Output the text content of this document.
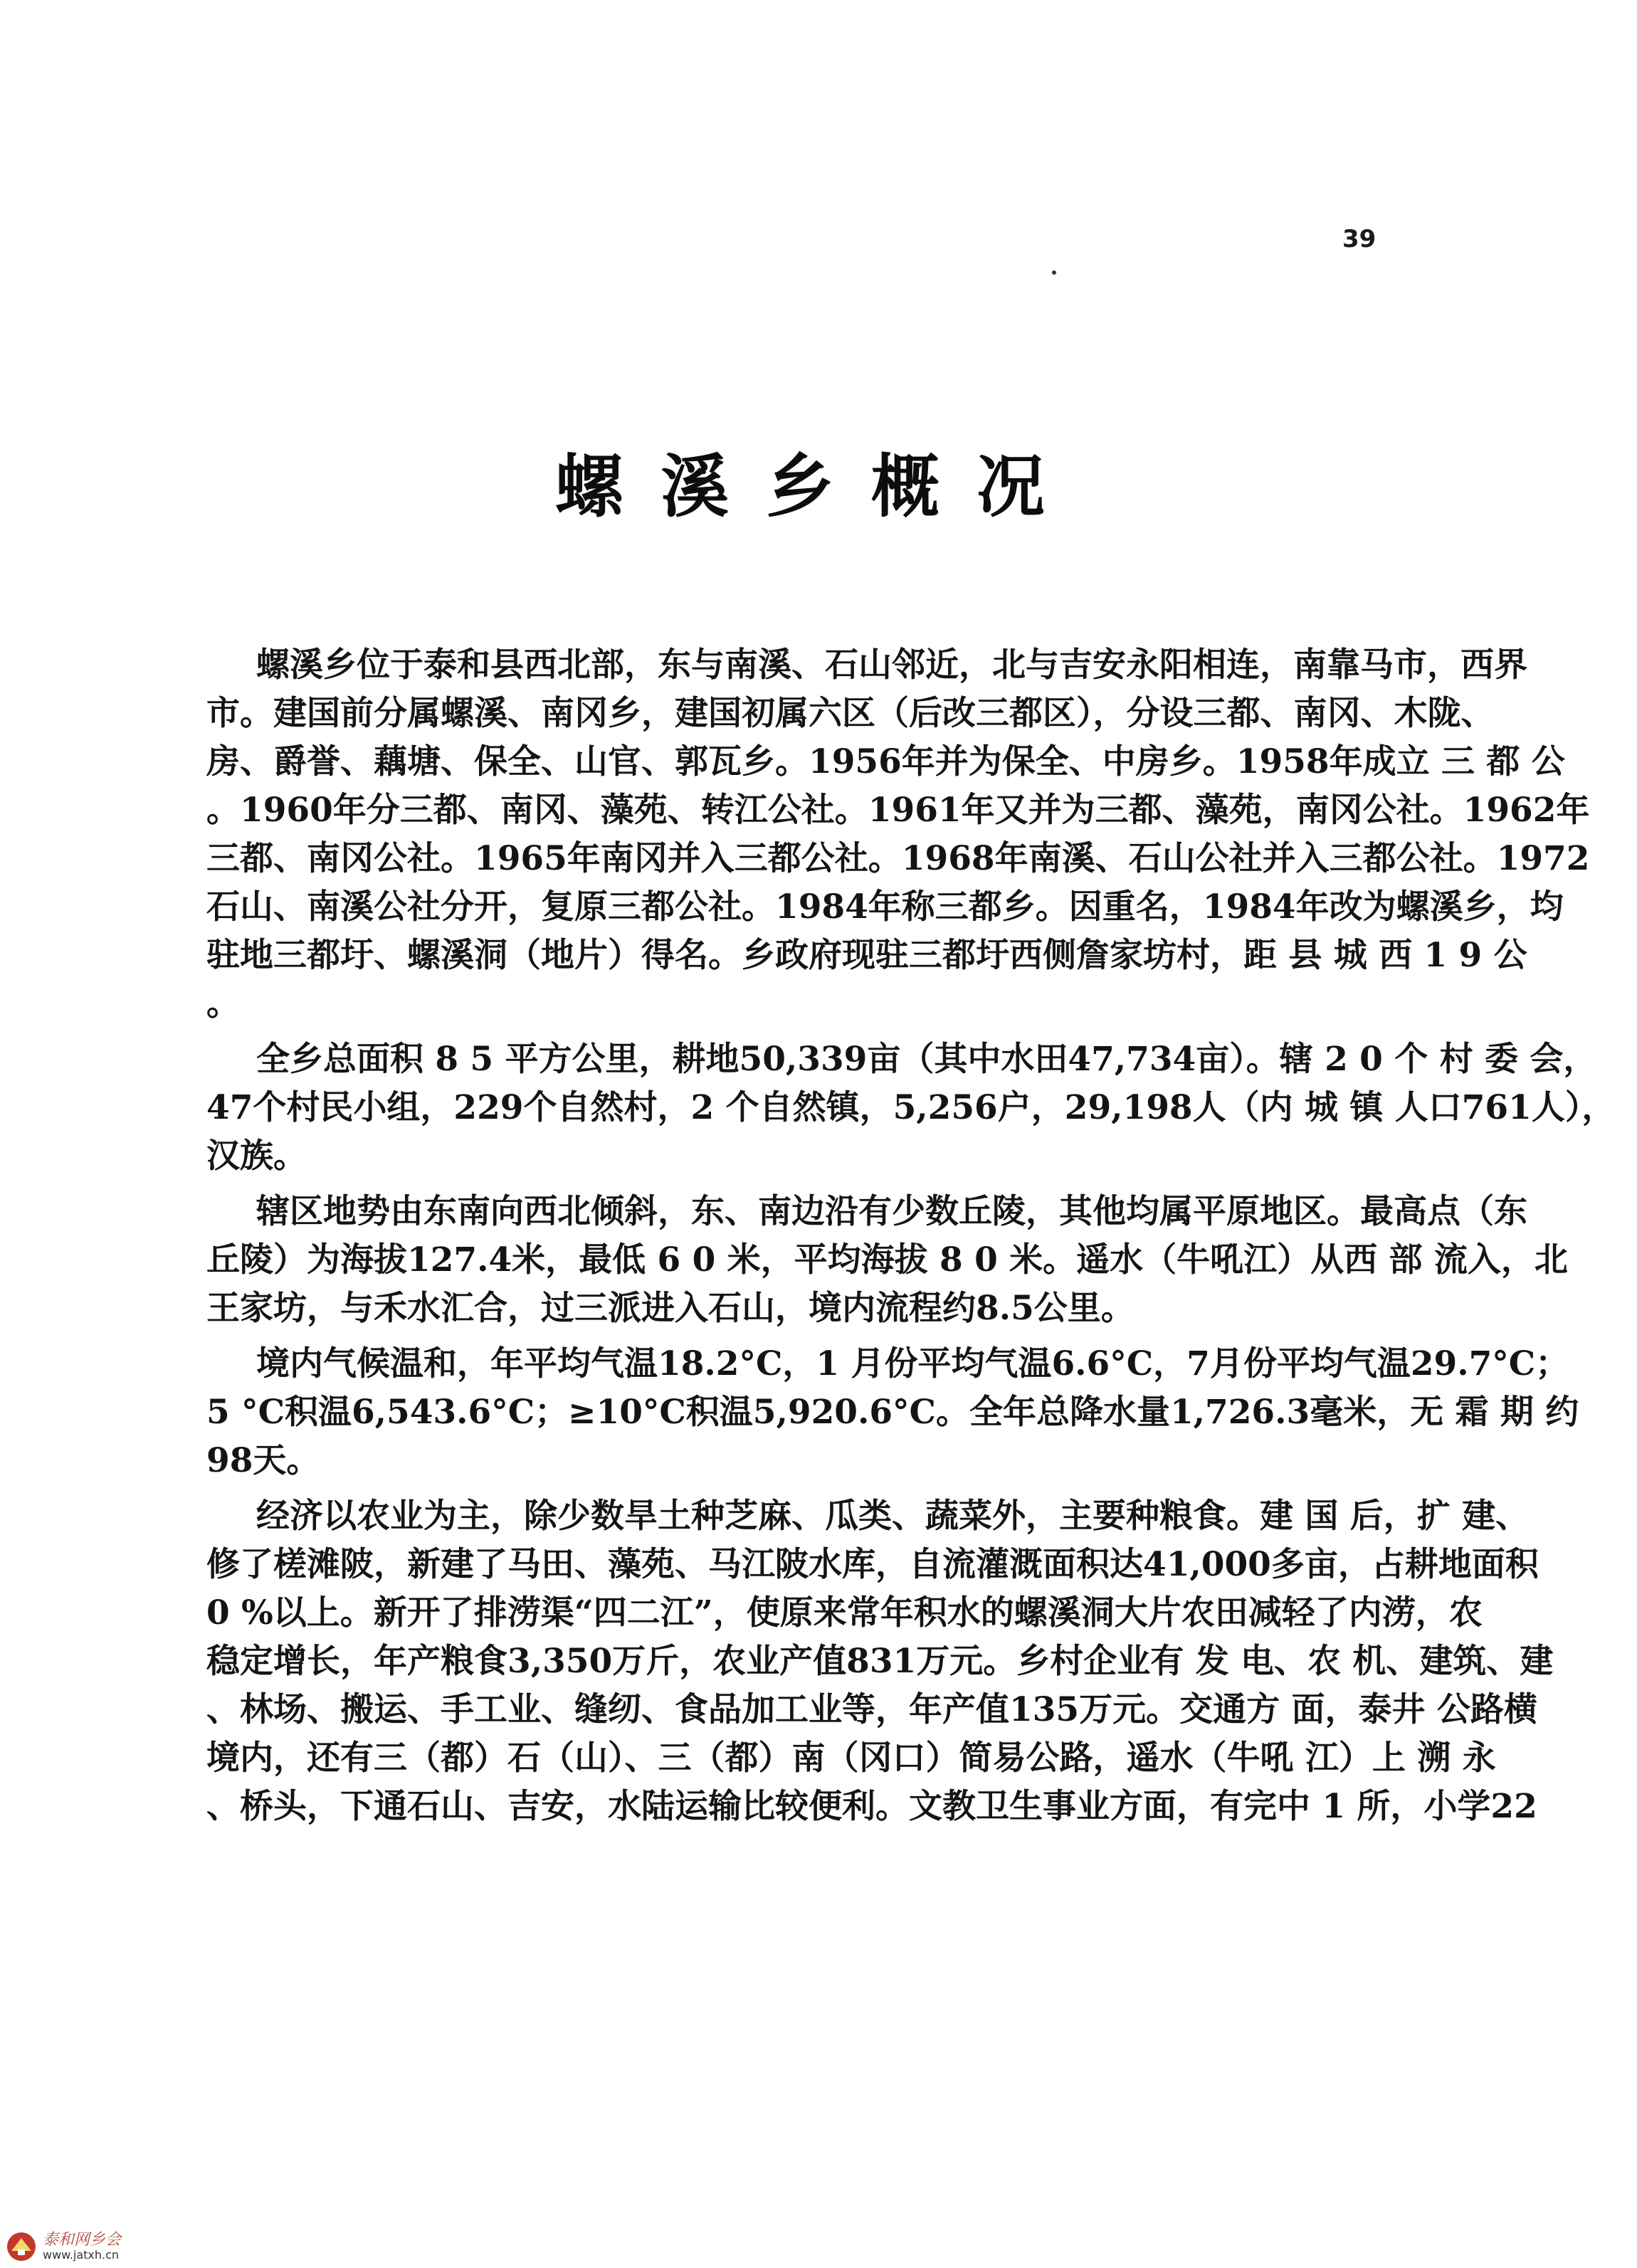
39
螺溪乡概况
螺溪乡位于泰和县西北部，东与南溪、石山邻近，北与吉安永阳相连，南靠马市，西界
市。建国前分属螺溪、南冈乡，建国初属六区（后改三都区），分设三都、南冈、木陇、
房、爵誉、藕塘、保全、山官、郭瓦乡。1956年并为保全、中房乡。1958年成立 三 都 公
。1960年分三都、南冈、藻苑、转江公社。1961年又并为三都、藻苑，南冈公社。1962年
三都、南冈公社。1965年南冈并入三都公社。1968年南溪、石山公社并入三都公社。1972
石山、南溪公社分开，复原三都公社。1984年称三都乡。因重名，1984年改为螺溪乡，均
驻地三都圩、螺溪洞（地片）得名。乡政府现驻三都圩西侧詹家坊村，距 县 城 西 1 9 公
。
全乡总面积 8 5 平方公里，耕地50,339亩（其中水田47,734亩）。辖 2 0 个 村 委 会，
47个村民小组，229个自然村，2 个自然镇，5,256户，29,198人（内 城 镇 人口761人），
汉族。
辖区地势由东南向西北倾斜，东、南边沿有少数丘陵，其他均属平原地区。最高点（东
丘陵）为海拔127.4米，最低 6 0 米，平均海拔 8 0 米。遥水（牛吼江）从西 部 流入，北
王家坊，与禾水汇合，过三派进入石山，境内流程约8.5公里。
境内气候温和，年平均气温18.2°C，1 月份平均气温6.6°C，7月份平均气温29.7°C；
5 °C积温6,543.6°C；≥10°C积温5,920.6°C。全年总降水量1,726.3毫米，无 霜 期 约
98天。
经济以农业为主，除少数旱土种芝麻、瓜类、蔬菜外，主要种粮食。建 国 后，扩 建、
修了槎滩陂，新建了马田、藻苑、马江陂水库，自流灌溉面积达41,000多亩，占耕地面积
0 %以上。新开了排涝渠“四二江”，使原来常年积水的螺溪洞大片农田减轻了内涝，农
稳定增长，年产粮食3,350万斤，农业产值831万元。乡村企业有 发 电、农 机、建筑、建
、林场、搬运、手工业、缝纫、食品加工业等，年产值135万元。交通方 面，泰井 公路横
境内，还有三（都）石（山）、三（都）南（冈口）简易公路，遥水（牛吼 江）上 溯 永
、桥头，下通石山、吉安，水陆运输比较便利。文教卫生事业方面，有完中 1 所，小学22
泰和网乡会
www.jatxh.cn
